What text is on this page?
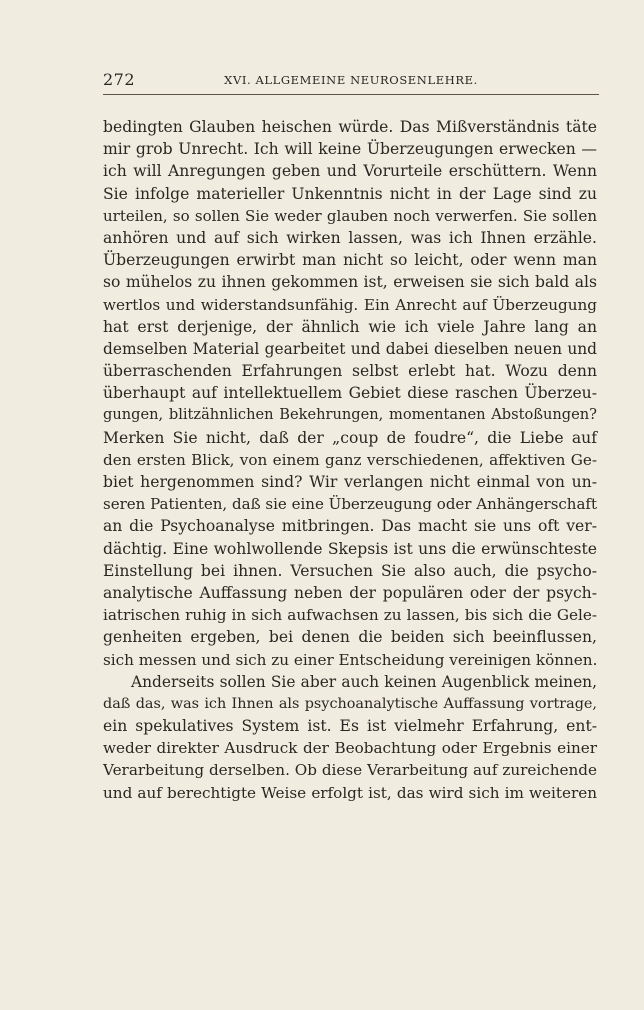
272	XVI. ALLGEMEINE NEUROSENLEHRE.
bedingten Glauben heischen würde. Das Mißverständnis täte
mir grob Unrecht. Ich will keine Überzeugungen erwecken —
ich will Anregungen geben und Vorurteile erschüttern. Wenn
Sie infolge materieller Unkenntnis nicht in der Lage sind zu
urteilen, so sollen Sie weder glauben noch verwerfen. Sie sollen
anhören und auf sich wirken lassen, was ich Ihnen erzähle.
Überzeugungen erwirbt man nicht so leicht, oder wenn man
so mühelos zu ihnen gekommen ist, erweisen sie sich bald als
wertlos und widerstandsunfähig. Ein Anrecht auf Überzeugung
hat erst derjenige, der ähnlich wie ich viele Jahre lang an
demselben Material gearbeitet und dabei dieselben neuen und
überraschenden Erfahrungen selbst erlebt hat. Wozu denn
überhaupt auf intellektuellem Gebiet diese raschen Überzeu-
gungen, blitzähnlichen Bekehrungen, momentanen Abstoßungen?
Merken Sie nicht, daß der „coup de foudre“, die Liebe auf
den ersten Blick, von einem ganz verschiedenen, affektiven Ge-
biet hergenommen sind? Wir verlangen nicht einmal von un-
seren Patienten, daß sie eine Überzeugung oder Anhängerschaft
an die Psychoanalyse mitbringen. Das macht sie uns oft ver-
dächtig. Eine wohlwollende Skepsis ist uns die erwünschteste
Einstellung bei ihnen. Versuchen Sie also auch, die psycho-
analytische Auffassung neben der populären oder der psych-
iatrischen ruhig in sich aufwachsen zu lassen, bis sich die Gele-
genheiten ergeben, bei denen die beiden sich beeinflussen,
sich messen und sich zu einer Entscheidung vereinigen können.
Anderseits sollen Sie aber auch keinen Augenblick meinen,
daß das, was ich Ihnen als psychoanalytische Auffassung vortrage,
ein spekulatives System ist. Es ist vielmehr Erfahrung, ent-
weder direkter Ausdruck der Beobachtung oder Ergebnis einer
Verarbeitung derselben. Ob diese Verarbeitung auf zureichende
und auf berechtigte Weise erfolgt ist, das wird sich im weiteren
